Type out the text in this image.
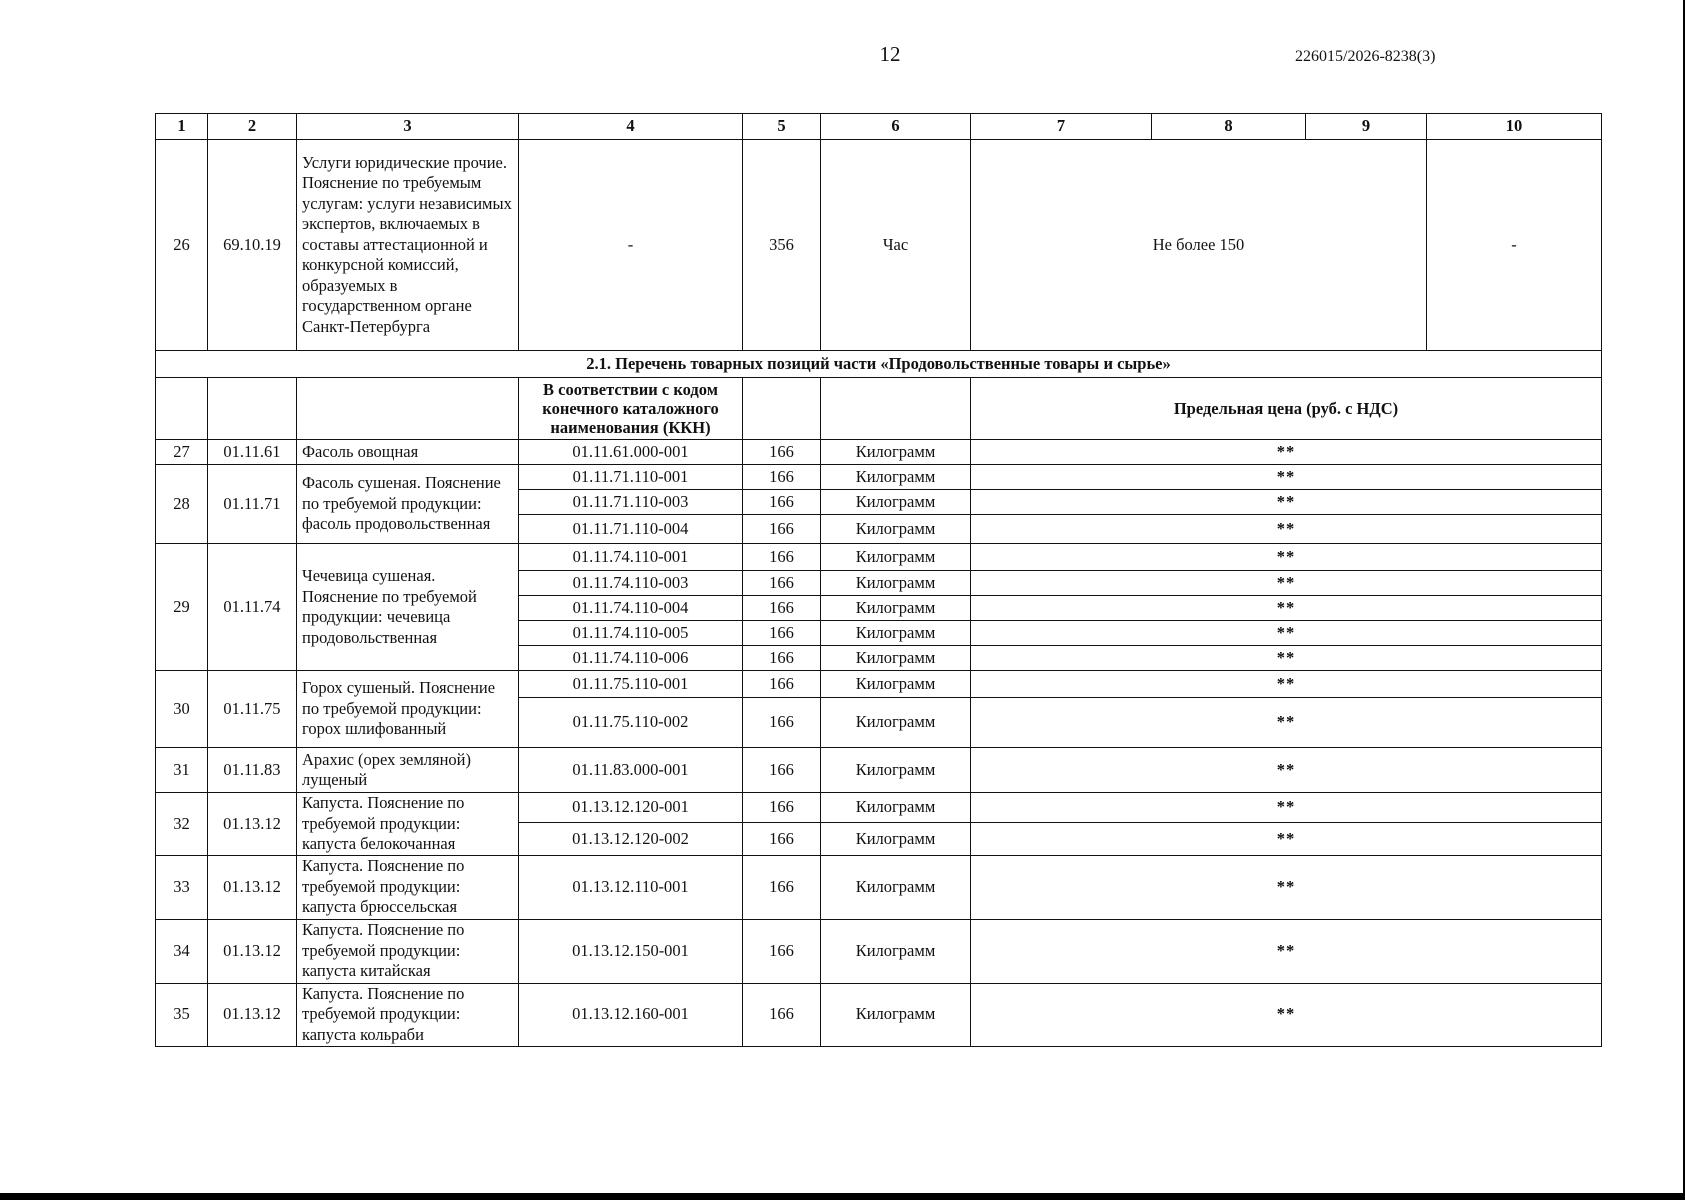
12	226015/2026-8238(3)
1	2	3	4	5	6	7	8	9	10
26	69.10.19	Услуги юридические прочие. Пояснение по требуемым услугам: услуги независимых экспертов, включаемых в составы аттестационной и конкурсной комиссий, образуемых в государственном органе Санкт-Петербурга	-	356	Час	Не более 150			-
2.1. Перечень товарных позиций части «Продовольственные товары и сырье»									
			В соответствии с кодом конечного каталожного наименования (ККН)			Предельная цена (руб. с НДС)			
27	01.11.61	Фасоль овощная	01.11.61.000-001	166	Килограмм	**			
28	01.11.71	Фасоль сушеная. Пояснение по требуемой продукции: фасоль продовольственная	01.11.71.110-001	166	Килограмм	**			
			01.11.71.110-003	166	Килограмм	**			
			01.11.71.110-004	166	Килограмм	**			
29	01.11.74	Чечевица сушеная. Пояснение по требуемой продукции: чечевица продовольственная	01.11.74.110-001	166	Килограмм	**			
			01.11.74.110-003	166	Килограмм	**			
			01.11.74.110-004	166	Килограмм	**			
			01.11.74.110-005	166	Килограмм	**			
			01.11.74.110-006	166	Килограмм	**			
30	01.11.75	Горох сушеный. Пояснение по требуемой продукции: горох шлифованный	01.11.75.110-001	166	Килограмм	**			
			01.11.75.110-002	166	Килограмм	**			
31	01.11.83	Арахис (орех земляной) лущеный	01.11.83.000-001	166	Килограмм	**			
32	01.13.12	Капуста. Пояснение по требуемой продукции: капуста белокочанная	01.13.12.120-001	166	Килограмм	**			
			01.13.12.120-002	166	Килограмм	**			
33	01.13.12	Капуста. Пояснение по требуемой продукции: капуста брюссельская	01.13.12.110-001	166	Килограмм	**			
34	01.13.12	Капуста. Пояснение по требуемой продукции: капуста китайская	01.13.12.150-001	166	Килограмм	**			
35	01.13.12	Капуста. Пояснение по требуемой продукции: капуста кольраби	01.13.12.160-001	166	Килограмм	**			
